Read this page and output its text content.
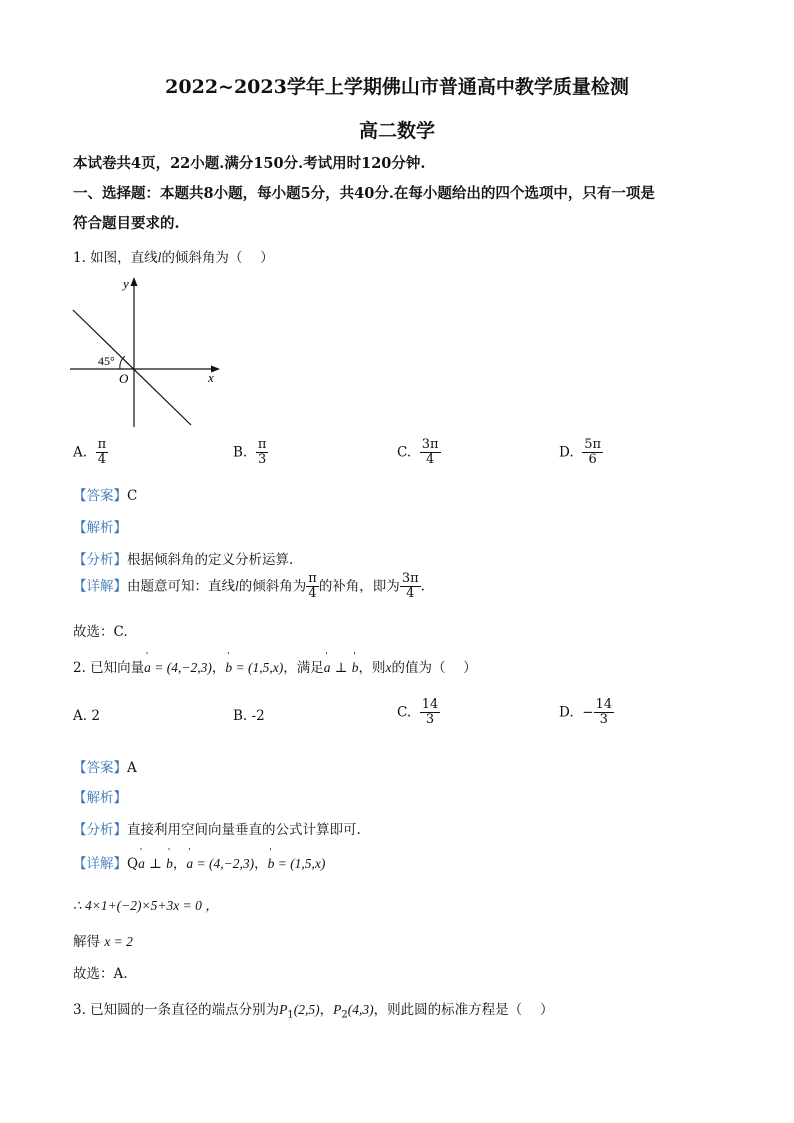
2022~2023学年上学期佛山市普通高中教学质量检测
高二数学
本试卷共4页，22小题.满分150分.考试用时120分钟.
一、选择题：本题共8小题，每小题5分，共40分.在每小题给出的四个选项中，只有一项是
符合题目要求的.
1. 如图，直线l的倾斜角为（　 ）
y
x
O
45°
A. $\frac{\pi}{4}$	B. $\frac{\pi}{3}$	C. $\frac{3\pi}{4}$	D. $\frac{5\pi}{6}$
【答案】C
【解析】
【分析】根据倾斜角的定义分析运算.
【详解】由题意可知：直线l的倾斜角为 $\frac{\pi}{4}$ 的补角，即为 $\frac{3\pi}{4}$ .
故选：C.
2. 已知向量' a = (4,−2,3)，' b = (1,5,x)，满足' a ⊥ ' b，则x的值为（　 ）
A. 2	B. -2	C. $\frac{14}{3}$	D. − $\frac{14}{3}$
【答案】A
【解析】
【分析】直接利用空间向量垂直的公式计算即可.
【详解】Q' a ⊥ ' b，' a = (4,−2,3)，' b = (1,5,x)
∴ 4×1+(−2)×5+3x = 0 ，
解得 x = 2
故选：A.
3. 已知圆的一条直径的端点分别为$P_1(2,5)$，$P_2(4,3)$，则此圆的标准方程是（　 ）
